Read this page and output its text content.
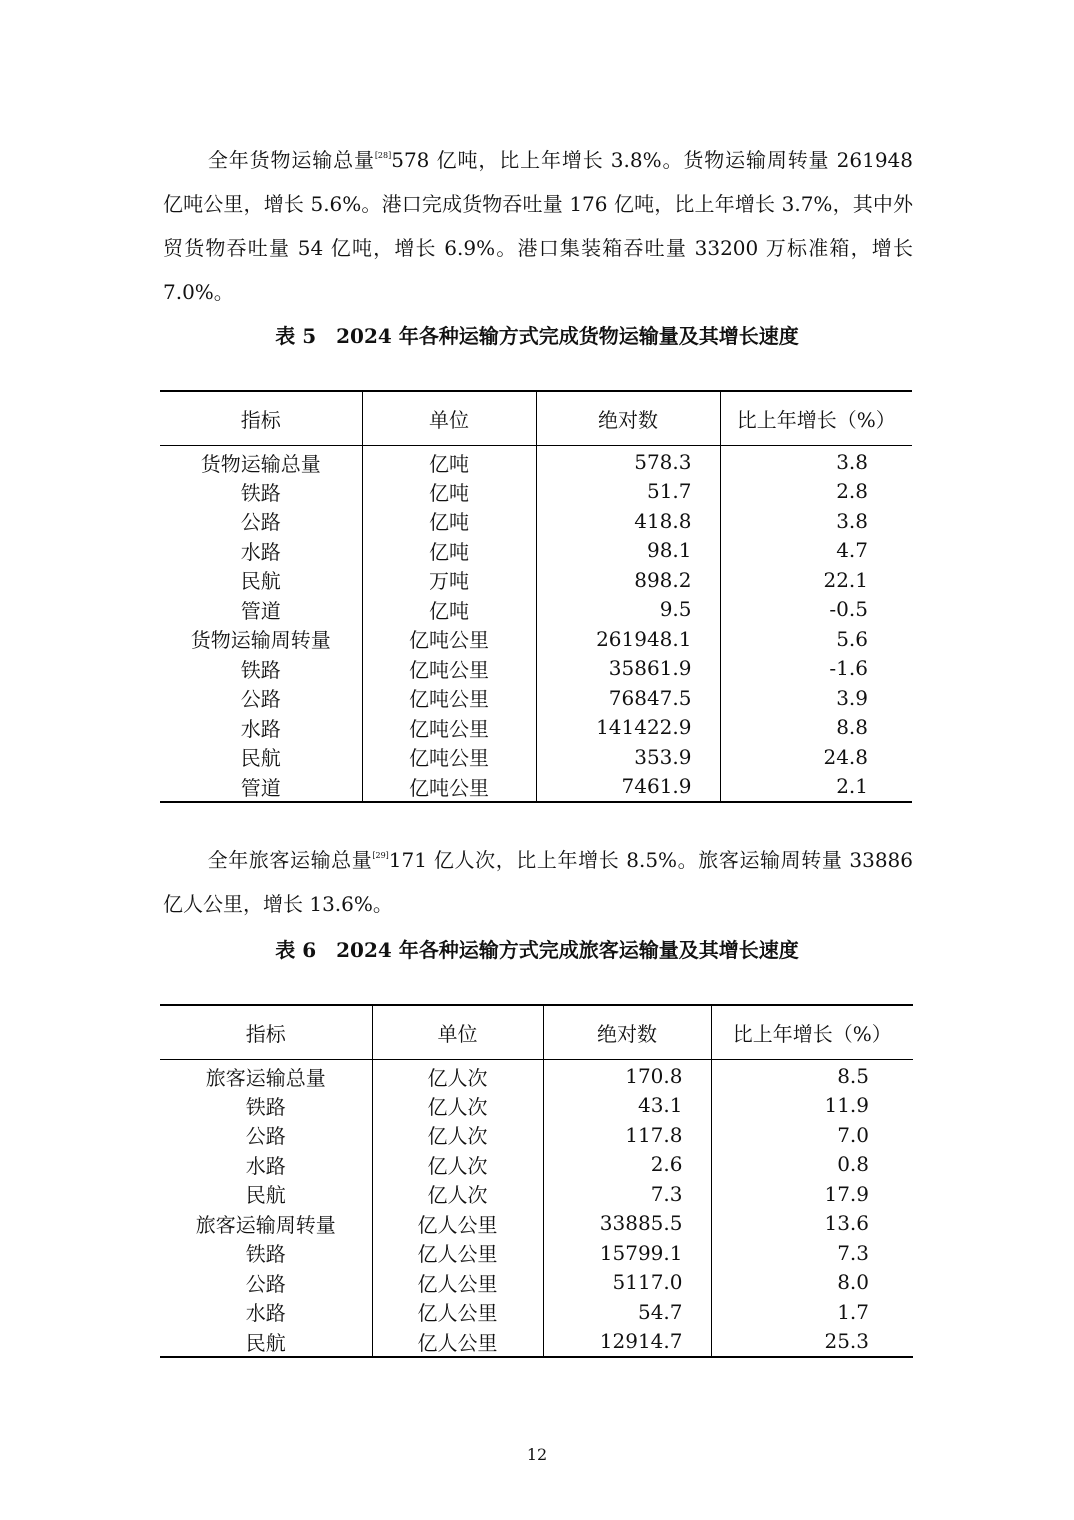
全年货物运输总量[28]578 亿吨，比上年增长 3.8%。货物运输周转量 261948 亿吨公里，增长 5.6%。港口完成货物吞吐量 176 亿吨，比上年增长 3.7%，其中外贸货物吞吐量 54 亿吨，增长 6.9%。港口集装箱吞吐量 33200 万标准箱，增长 7.0%。

表 5　2024 年各种运输方式完成货物运输量及其增长速度

指标	单位	绝对数	比上年增长（%）
货物运输总量	亿吨	578.3	3.8
铁路	亿吨	51.7	2.8
公路	亿吨	418.8	3.8
水路	亿吨	98.1	4.7
民航	万吨	898.2	22.1
管道	亿吨	9.5	-0.5
货物运输周转量	亿吨公里	261948.1	5.6
铁路	亿吨公里	35861.9	-1.6
公路	亿吨公里	76847.5	3.9
水路	亿吨公里	141422.9	8.8
民航	亿吨公里	353.9	24.8
管道	亿吨公里	7461.9	2.1

全年旅客运输总量[29]171 亿人次，比上年增长 8.5%。旅客运输周转量 33886 亿人公里，增长 13.6%。

表 6　2024 年各种运输方式完成旅客运输量及其增长速度

指标	单位	绝对数	比上年增长（%）
旅客运输总量	亿人次	170.8	8.5
铁路	亿人次	43.1	11.9
公路	亿人次	117.8	7.0
水路	亿人次	2.6	0.8
民航	亿人次	7.3	17.9
旅客运输周转量	亿人公里	33885.5	13.6
铁路	亿人公里	15799.1	7.3
公路	亿人公里	5117.0	8.0
水路	亿人公里	54.7	1.7
民航	亿人公里	12914.7	25.3
12
